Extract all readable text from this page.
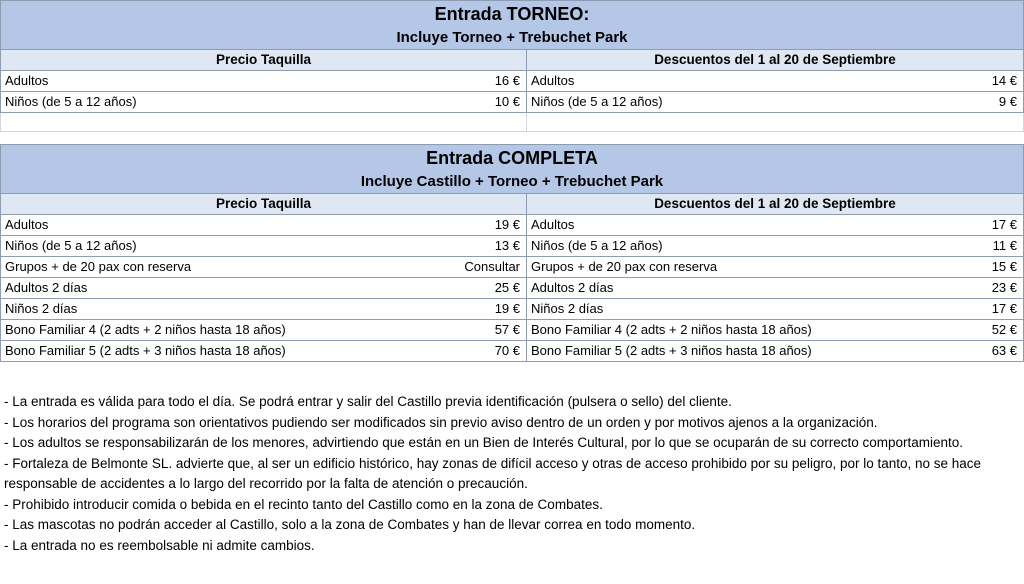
Entrada TORNEO:			
Incluye Torneo + Trebuchet Park			
Precio Taquilla		Descuentos del 1 al 20 de Septiembre	
Adultos	16 €	Adultos	14 €
Niños (de 5 a 12 años)	10 €	Niños (de 5 a 12 años)	9 €

Entrada COMPLETA			
Incluye Castillo + Torneo + Trebuchet Park			
Precio Taquilla		Descuentos del 1 al 20 de Septiembre	
Adultos	19 €	Adultos	17 €
Niños (de 5 a 12 años)	13 €	Niños (de 5 a 12 años)	11 €
Grupos + de 20 pax con reserva	Consultar	Grupos + de 20 pax con reserva	15 €
Adultos 2 días	25 €	Adultos 2 días	23 €
Niños 2 días	19 €	Niños 2 días	17 €
Bono Familiar 4 (2 adts + 2 niños hasta 18 años)	57 €	Bono Familiar 4 (2 adts + 2 niños hasta 18 años)	52 €
Bono Familiar 5 (2 adts + 3 niños hasta 18 años)	70 €	Bono Familiar 5 (2 adts + 3 niños hasta 18 años)	63 €

- La entrada es válida para todo el día. Se podrá entrar y salir del Castillo previa identificación (pulsera o sello) del cliente.

- Los horarios del programa son orientativos pudiendo ser modificados sin previo aviso dentro de un orden y por motivos ajenos a la organización.

- Los adultos se responsabilizarán de los menores, advirtiendo que están en un Bien de Interés Cultural, por lo que se ocuparán de su correcto comportamiento.

- Fortaleza de Belmonte SL. advierte que, al ser un edificio histórico, hay zonas de difícil acceso y otras de acceso prohibido por su peligro, por lo tanto, no se hace responsable de accidentes a lo largo del recorrido por la falta de atención o precaución.

- Prohibido introducir comida o bebida en el recinto tanto del Castillo como en la zona de Combates.

- Las mascotas no podrán acceder al Castillo, solo a la zona de Combates y han de llevar correa en todo momento.

- La entrada no es reembolsable ni admite cambios.
